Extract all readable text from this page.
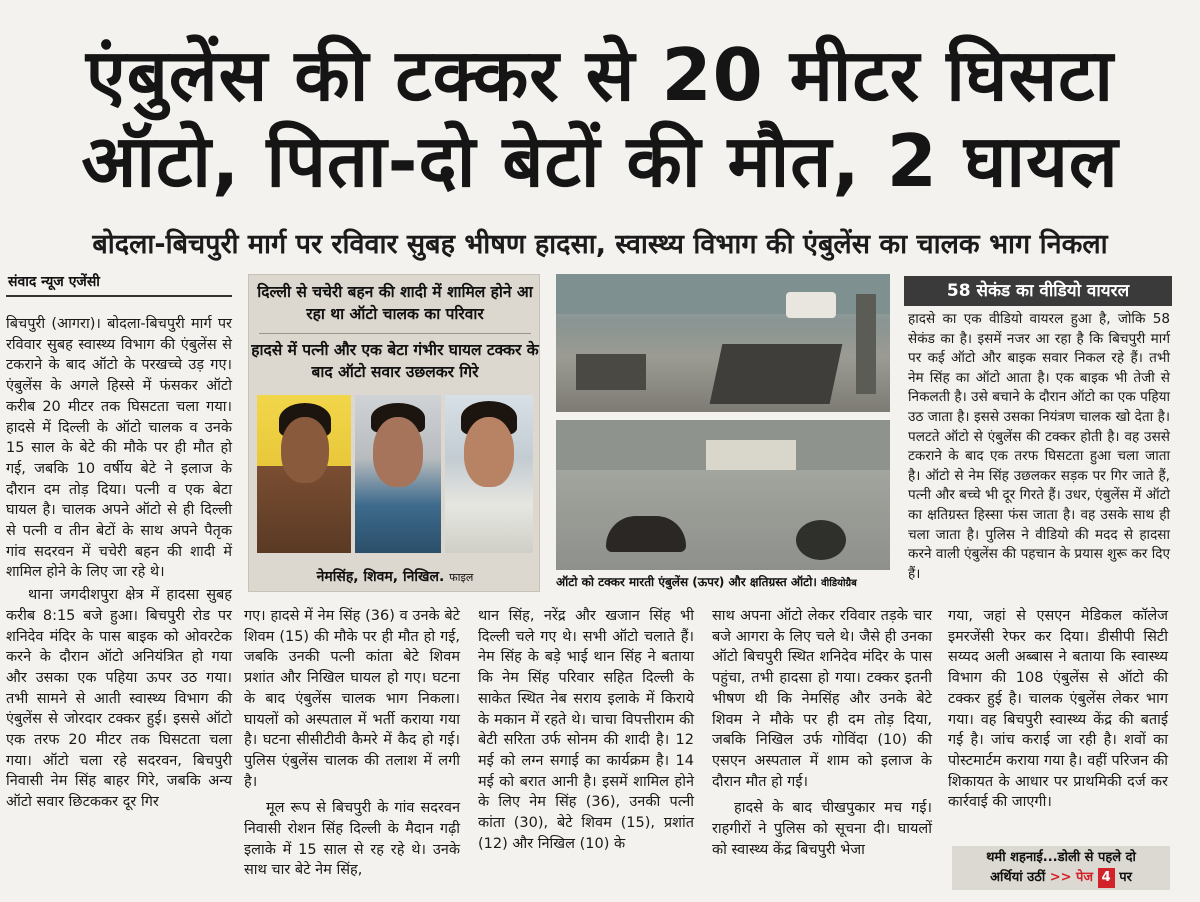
एंबुलेंस की टक्कर से 20 मीटर घिसटा
ऑटो, पिता-दो बेटों की मौत, 2 घायल
बोदला-बिचपुरी मार्ग पर रविवार सुबह भीषण हादसा, स्वास्थ्य विभाग की एंबुलेंस का चालक भाग निकला
संवाद न्यूज एजेंसी

बिचपुरी (आगरा)। बोदला-बिचपुरी मार्ग पर रविवार सुबह स्वास्थ्य विभाग की एंबुलेंस से टकराने के बाद ऑटो के परखच्चे उड़ गए। एंबुलेंस के अगले हिस्से में फंसकर ऑटो करीब 20 मीटर तक घिसटता चला गया। हादसे में दिल्ली के ऑटो चालक व उनके 15 साल के बेटे की मौके पर ही मौत हो गई, जबकि 10 वर्षीय बेटे ने इलाज के दौरान दम तोड़ दिया। पत्नी व एक बेटा घायल है। चालक अपने ऑटो से ही दिल्ली से पत्नी व तीन बेटों के साथ अपने पैतृक गांव सदरवन में चचेरी बहन की शादी में शामिल होने के लिए जा रहे थे।

थाना जगदीशपुरा क्षेत्र में हादसा सुबह करीब 8:15 बजे हुआ। बिचपुरी रोड पर शनिदेव मंदिर के पास बाइक को ओवरटेक करने के दौरान ऑटो अनियंत्रित हो गया और उसका एक पहिया ऊपर उठ गया। तभी सामने से आती स्वास्थ्य विभाग की एंबुलेंस से जोरदार टक्कर हुई। इससे ऑटो एक तरफ 20 मीटर तक घिसटता चला गया। ऑटो चला रहे सदरवन, बिचपुरी निवासी नेम सिंह बाहर गिरे, जबकि अन्य ऑटो सवार छिटककर दूर गिर

दिल्ली से चचेरी बहन की शादी में शामिल होने आ रहा था ऑटो चालक का परिवार
हादसे में पत्नी और एक बेटा गंभीर घायल टक्कर के बाद ऑटो सवार उछलकर गिरे
नेमसिंह, शिवम, निखिल. फाइल	ऑटो को टक्कर मारती एंबुलेंस (ऊपर) और क्षतिग्रस्त ऑटो। वीडियोग्रैब
58 सेकंड का वीडियो वायरल

हादसे का एक वीडियो वायरल हुआ है, जोकि 58 सेकंड का है। इसमें नजर आ रहा है कि बिचपुरी मार्ग पर कई ऑटो और बाइक सवार निकल रहे हैं। तभी नेम सिंह का ऑटो आता है। एक बाइक भी तेजी से निकलती है। उसे बचाने के दौरान ऑटो का एक पहिया उठ जाता है। इससे उसका नियंत्रण चालक खो देता है। पलटते ऑटो से एंबुलेंस की टक्कर होती है। वह उससे टकराने के बाद एक तरफ घिसटता हुआ चला जाता है। ऑटो से नेम सिंह उछलकर सड़क पर गिर जाते हैं, पत्नी और बच्चे भी दूर गिरते हैं। उधर, एंबुलेंस में ऑटो का क्षतिग्रस्त हिस्सा फंस जाता है। वह उसके साथ ही चला जाता है। पुलिस ने वीडियो की मदद से हादसा करने वाली एंबुलेंस की पहचान के प्रयास शुरू कर दिए हैं।

गए। हादसे में नेम सिंह (36) व उनके बेटे शिवम (15) की मौके पर ही मौत हो गई, जबकि उनकी पत्नी कांता बेटे शिवम प्रशांत और निखिल घायल हो गए। घटना के बाद एंबुलेंस चालक भाग निकला। घायलों को अस्पताल में भर्ती कराया गया है। घटना सीसीटीवी कैमरे में कैद हो गई। पुलिस एंबुलेंस चालक की तलाश में लगी है।

मूल रूप से बिचपुरी के गांव सदरवन निवासी रोशन सिंह दिल्ली के मैदान गढ़ी इलाके में 15 साल से रह रहे थे। उनके साथ चार बेटे नेम सिंह,

थान सिंह, नरेंद्र और खजान सिंह भी दिल्ली चले गए थे। सभी ऑटो चलाते हैं। नेम सिंह के बड़े भाई थान सिंह ने बताया कि नेम सिंह परिवार सहित दिल्ली के साकेत स्थित नेब सराय इलाके में किराये के मकान में रहते थे। चाचा विपत्तीराम की बेटी सरिता उर्फ सोनम की शादी है। 12 मई को लग्न सगाई का कार्यक्रम है। 14 मई को बरात आनी है। इसमें शामिल होने के लिए नेम सिंह (36), उनकी पत्नी कांता (30), बेटे शिवम (15), प्रशांत (12) और निखिल (10) के

साथ अपना ऑटो लेकर रविवार तड़के चार बजे आगरा के लिए चले थे। जैसे ही उनका ऑटो बिचपुरी स्थित शनिदेव मंदिर के पास पहुंचा, तभी हादसा हो गया। टक्कर इतनी भीषण थी कि नेमसिंह और उनके बेटे शिवम ने मौके पर ही दम तोड़ दिया, जबकि निखिल उर्फ गोविंदा (10) की एसएन अस्पताल में शाम को इलाज के दौरान मौत हो गई।

हादसे के बाद चीखपुकार मच गई। राहगीरों ने पुलिस को सूचना दी। घायलों को स्वास्थ्य केंद्र बिचपुरी भेजा

गया, जहां से एसएन मेडिकल कॉलेज इमरजेंसी रेफर कर दिया। डीसीपी सिटी सय्यद अली अब्बास ने बताया कि स्वास्थ्य विभाग की 108 एंबुलेंस से ऑटो की टक्कर हुई है। चालक एंबुलेंस लेकर भाग गया। वह बिचपुरी स्वास्थ्य केंद्र की बताई गई है। जांच कराई जा रही है। शवों का पोस्टमार्टम कराया गया है। वहीं परिजन की शिकायत के आधार पर प्राथमिकी दर्ज कर कार्रवाई की जाएगी।

थमी शहनाई...डोली से पहले दो
अर्थियां उठीं >> पेज 4 पर
